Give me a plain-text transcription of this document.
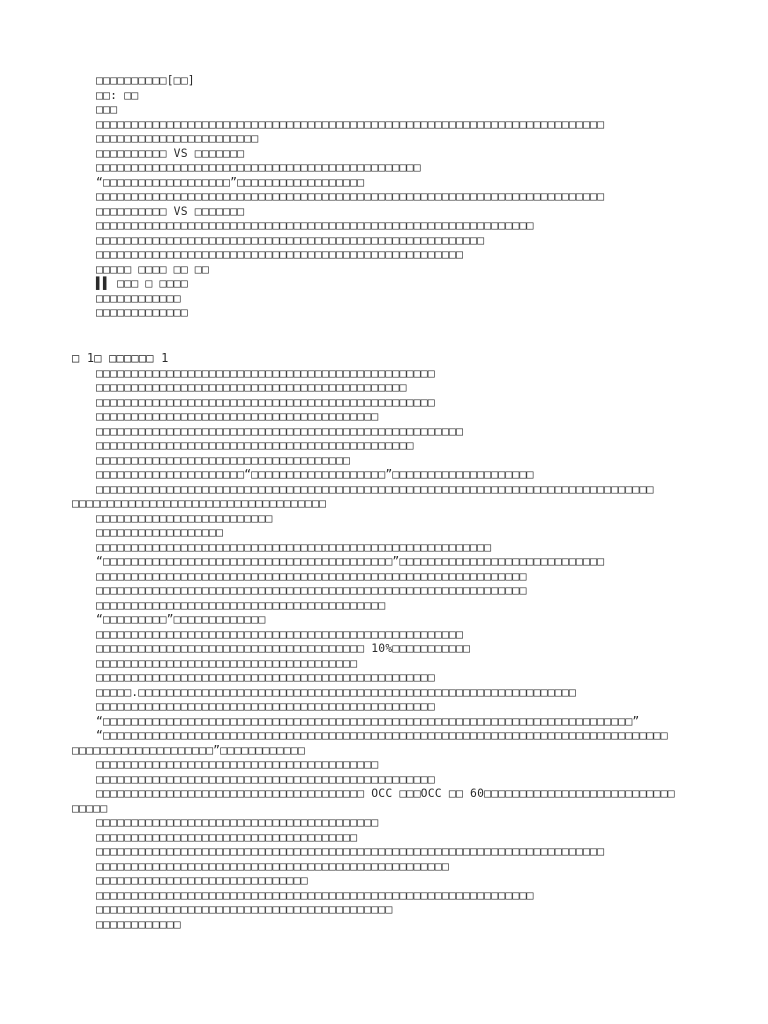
□□□□□□□□□□[□□]
□□: □□
□□□
□□□□□□□□□□□□□□□□□□□□□□□□□□□□□□□□□□□□□□□□□□□□□□□□□□□□□□□□□□□□□□□□□□□□□□□□
□□□□□□□□□□□□□□□□□□□□□□□
□□□□□□□□□□ VS □□□□□□□
□□□□□□□□□□□□□□□□□□□□□□□□□□□□□□□□□□□□□□□□□□□□□□
“□□□□□□□□□□□□□□□□□□”□□□□□□□□□□□□□□□□□□
□□□□□□□□□□□□□□□□□□□□□□□□□□□□□□□□□□□□□□□□□□□□□□□□□□□□□□□□□□□□□□□□□□□□□□□□
□□□□□□□□□□ VS □□□□□□□
□□□□□□□□□□□□□□□□□□□□□□□□□□□□□□□□□□□□□□□□□□□□□□□□□□□□□□□□□□□□□□
□□□□□□□□□□□□□□□□□□□□□□□□□□□□□□□□□□□□□□□□□□□□□□□□□□□□□□□
□□□□□□□□□□□□□□□□□□□□□□□□□□□□□□□□□□□□□□□□□□□□□□□□□□□□
□□□□□ □□□□ □□ □□
▌▌ □□□ □ □□□□
□□□□□□□□□□□□
□□□□□□□□□□□□□
□ 1□ □□□□□□ 1
□□□□□□□□□□□□□□□□□□□□□□□□□□□□□□□□□□□□□□□□□□□□□□□□
□□□□□□□□□□□□□□□□□□□□□□□□□□□□□□□□□□□□□□□□□□□□
□□□□□□□□□□□□□□□□□□□□□□□□□□□□□□□□□□□□□□□□□□□□□□□□
□□□□□□□□□□□□□□□□□□□□□□□□□□□□□□□□□□□□□□□□
□□□□□□□□□□□□□□□□□□□□□□□□□□□□□□□□□□□□□□□□□□□□□□□□□□□□
□□□□□□□□□□□□□□□□□□□□□□□□□□□□□□□□□□□□□□□□□□□□□
□□□□□□□□□□□□□□□□□□□□□□□□□□□□□□□□□□□□
□□□□□□□□□□□□□□□□□□□□□“□□□□□□□□□□□□□□□□□□□”□□□□□□□□□□□□□□□□□□□□
□□□□□□□□□□□□□□□□□□□□□□□□□□□□□□□□□□□□□□□□□□□□□□□□□□□□□□□□□□□□□□□□□□□□□□□□□□□□□□□
□□□□□□□□□□□□□□□□□□□□□□□□□□□□□□□□□□□□
□□□□□□□□□□□□□□□□□□□□□□□□□
□□□□□□□□□□□□□□□□□□
□□□□□□□□□□□□□□□□□□□□□□□□□□□□□□□□□□□□□□□□□□□□□□□□□□□□□□□□
“□□□□□□□□□□□□□□□□□□□□□□□□□□□□□□□□□□□□□□□□□”□□□□□□□□□□□□□□□□□□□□□□□□□□□□□
□□□□□□□□□□□□□□□□□□□□□□□□□□□□□□□□□□□□□□□□□□□□□□□□□□□□□□□□□□□□□
□□□□□□□□□□□□□□□□□□□□□□□□□□□□□□□□□□□□□□□□□□□□□□□□□□□□□□□□□□□□□
□□□□□□□□□□□□□□□□□□□□□□□□□□□□□□□□□□□□□□□□□
“□□□□□□□□□”□□□□□□□□□□□□□
□□□□□□□□□□□□□□□□□□□□□□□□□□□□□□□□□□□□□□□□□□□□□□□□□□□□
□□□□□□□□□□□□□□□□□□□□□□□□□□□□□□□□□□□□□□ 10%□□□□□□□□□□□
□□□□□□□□□□□□□□□□□□□□□□□□□□□□□□□□□□□□□
□□□□□□□□□□□□□□□□□□□□□□□□□□□□□□□□□□□□□□□□□□□□□□□□
□□□□□.□□□□□□□□□□□□□□□□□□□□□□□□□□□□□□□□□□□□□□□□□□□□□□□□□□□□□□□□□□□□□□
□□□□□□□□□□□□□□□□□□□□□□□□□□□□□□□□□□□□□□□□□□□□□□□□
“□□□□□□□□□□□□□□□□□□□□□□□□□□□□□□□□□□□□□□□□□□□□□□□□□□□□□□□□□□□□□□□□□□□□□□□□□□□”
“□□□□□□□□□□□□□□□□□□□□□□□□□□□□□□□□□□□□□□□□□□□□□□□□□□□□□□□□□□□□□□□□□□□□□□□□□□□□□□□□
□□□□□□□□□□□□□□□□□□□□”□□□□□□□□□□□□
□□□□□□□□□□□□□□□□□□□□□□□□□□□□□□□□□□□□□□□□
□□□□□□□□□□□□□□□□□□□□□□□□□□□□□□□□□□□□□□□□□□□□□□□□
□□□□□□□□□□□□□□□□□□□□□□□□□□□□□□□□□□□□□□ OCC □□□OCC □□ 60□□□□□□□□□□□□□□□□□□□□□□□□□□□
□□□□□
□□□□□□□□□□□□□□□□□□□□□□□□□□□□□□□□□□□□□□□□
□□□□□□□□□□□□□□□□□□□□□□□□□□□□□□□□□□□□□
□□□□□□□□□□□□□□□□□□□□□□□□□□□□□□□□□□□□□□□□□□□□□□□□□□□□□□□□□□□□□□□□□□□□□□□□
□□□□□□□□□□□□□□□□□□□□□□□□□□□□□□□□□□□□□□□□□□□□□□□□□□
□□□□□□□□□□□□□□□□□□□□□□□□□□□□□□
□□□□□□□□□□□□□□□□□□□□□□□□□□□□□□□□□□□□□□□□□□□□□□□□□□□□□□□□□□□□□□
□□□□□□□□□□□□□□□□□□□□□□□□□□□□□□□□□□□□□□□□□□
□□□□□□□□□□□□
